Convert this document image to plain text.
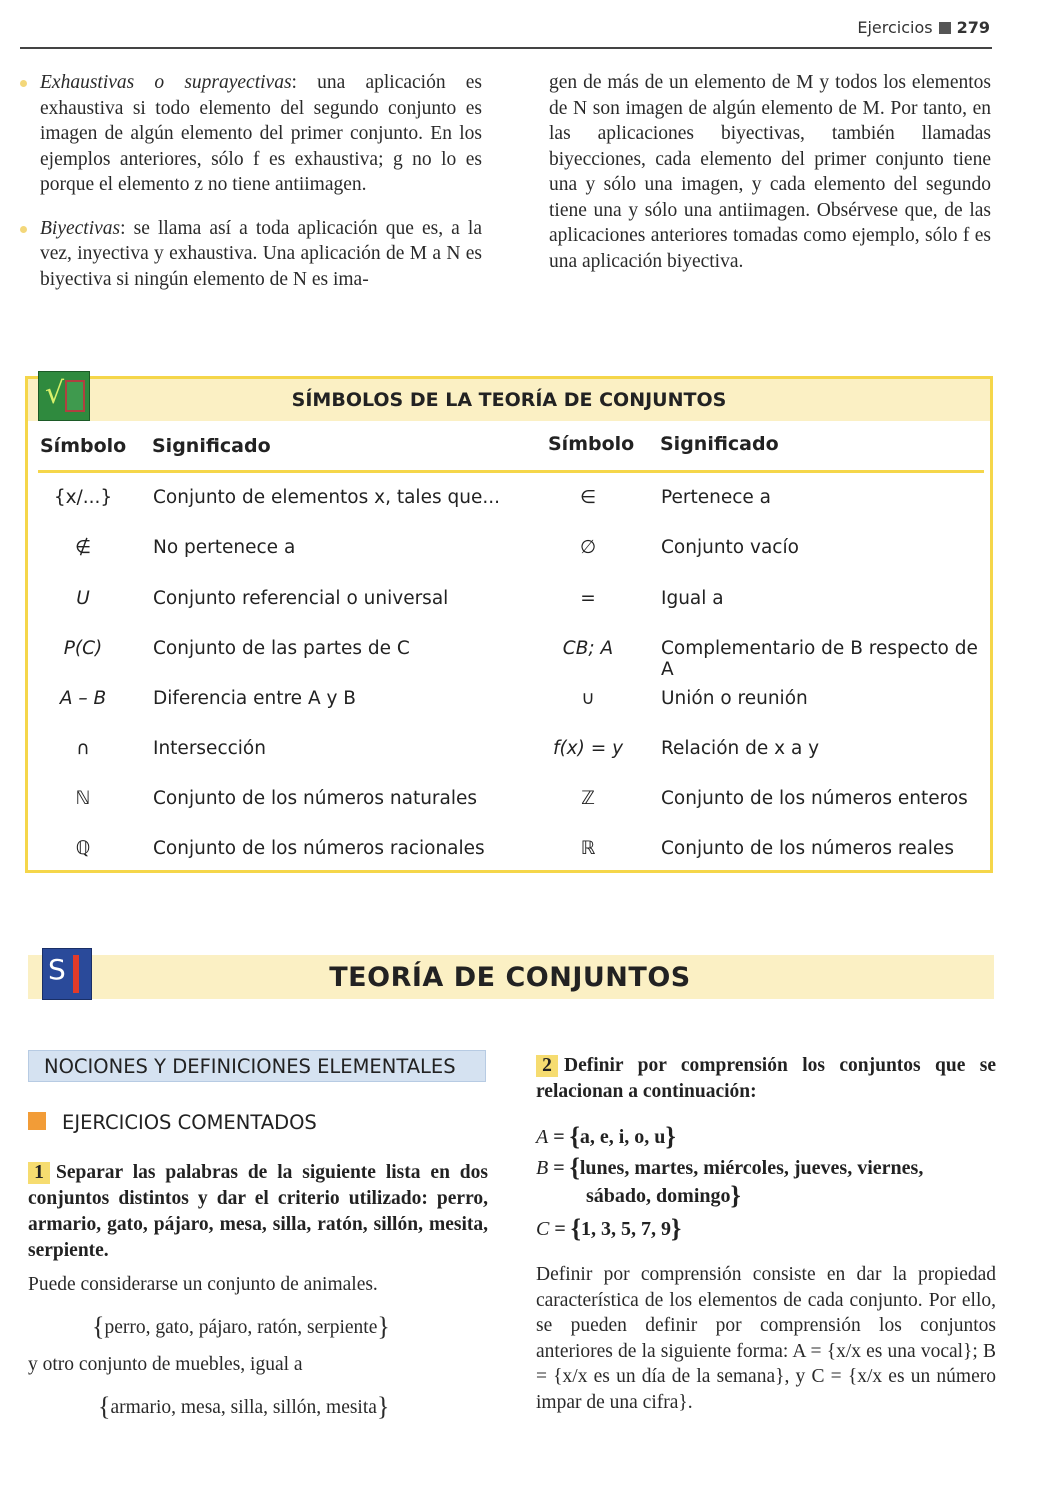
Ejercicios 279
Exhaustivas o suprayectivas: una aplicación es exhaustiva si todo elemento del segundo conjunto es imagen de algún elemento del primer conjunto. En los ejemplos anteriores, sólo f es exhaustiva; g no lo es porque el elemento z no tiene antiimagen.
Biyectivas: se llama así a toda aplicación que es, a la vez, inyectiva y exhaustiva. Una aplicación de M a N es biyectiva si ningún elemento de N es ima-
gen de más de un elemento de M y todos los elementos de N son imagen de algún elemento de M. Por tanto, en las aplicaciones biyectivas, también llamadas biyecciones, cada elemento del primer conjunto tiene una y sólo una imagen, y cada elemento del segundo tiene una y sólo una antiimagen. Obsérvese que, de las aplicaciones anteriores tomadas como ejemplo, sólo f es una aplicación biyectiva.
√	SÍMBOLOS DE LA TEORÍA DE CONJUNTOS
Símbolo Significado	Símbolo Significado
{x/...}	Conjunto de elementos x, tales que...	∈	Pertenece a
∉	No pertenece a	∅	Conjunto vacío
U	Conjunto referencial o universal	=	Igual a
P(C)	Conjunto de las partes de C	CB; A	Complementario de B respecto de A
A – B	Diferencia entre A y B	∪	Unión o reunión
∩	Intersección	f(x) = y	Relación de x a y
ℕ	Conjunto de los números naturales	ℤ	Conjunto de los números enteros
ℚ	Conjunto de los números racionales	ℝ	Conjunto de los números reales
S	TEORÍA DE CONJUNTOS
NOCIONES Y DEFINICIONES ELEMENTALES
EJERCICIOS COMENTADOS
1 Separar las palabras de la siguiente lista en dos conjuntos distintos y dar el criterio utilizado: perro, armario, gato, pájaro, mesa, silla, ratón, sillón, mesita, serpiente.
Puede considerarse un conjunto de animales.
{perro, gato, pájaro, ratón, serpiente}
y otro conjunto de muebles, igual a
{armario, mesa, silla, sillón, mesita}
2 Definir por comprensión los conjuntos que se relacionan a continuación:
A = {a, e, i, o, u}
B = {lunes, martes, miércoles, jueves, viernes,
sábado, domingo}
C = {1, 3, 5, 7, 9}
Definir por comprensión consiste en dar la propiedad característica de los elementos de cada conjunto. Por ello, se pueden definir por comprensión los conjuntos anteriores de la siguiente forma: A = {x/x es una vocal}; B = {x/x es un día de la semana}, y C = {x/x es un número impar de una cifra}.
